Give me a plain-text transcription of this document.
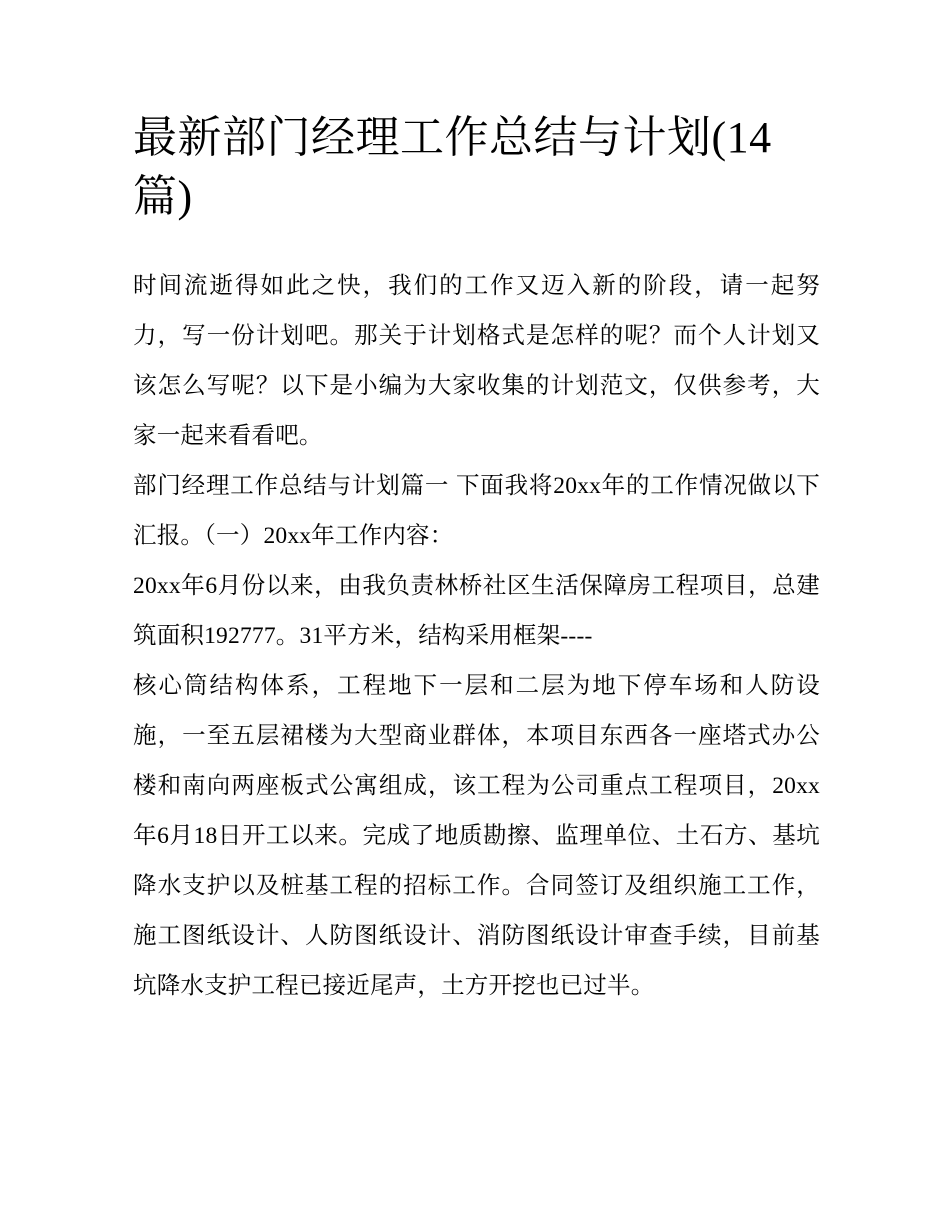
最新部门经理工作总结与计划(14篇)

时间流逝得如此之快，我们的工作又迈入新的阶段，请一起努力，写一份计划吧。那关于计划格式是怎样的呢？而个人计划又该怎么写呢？以下是小编为大家收集的计划范文，仅供参考，大家一起来看看吧。

部门经理工作总结与计划篇一 下面我将20xx年的工作情况做以下汇报。（一）20xx年工作内容：

20xx年6月份以来，由我负责林桥社区生活保障房工程项目，总建筑面积192777。31平方米，结构采用框架----

核心筒结构体系，工程地下一层和二层为地下停车场和人防设施，一至五层裙楼为大型商业群体，本项目东西各一座塔式办公楼和南向两座板式公寓组成，该工程为公司重点工程项目，20xx年6月18日开工以来。完成了地质勘擦、监理单位、土石方、基坑降水支护以及桩基工程的招标工作。合同签订及组织施工工作，施工图纸设计、人防图纸设计、消防图纸设计审查手续，目前基坑降水支护工程已接近尾声，土方开挖也已过半。
